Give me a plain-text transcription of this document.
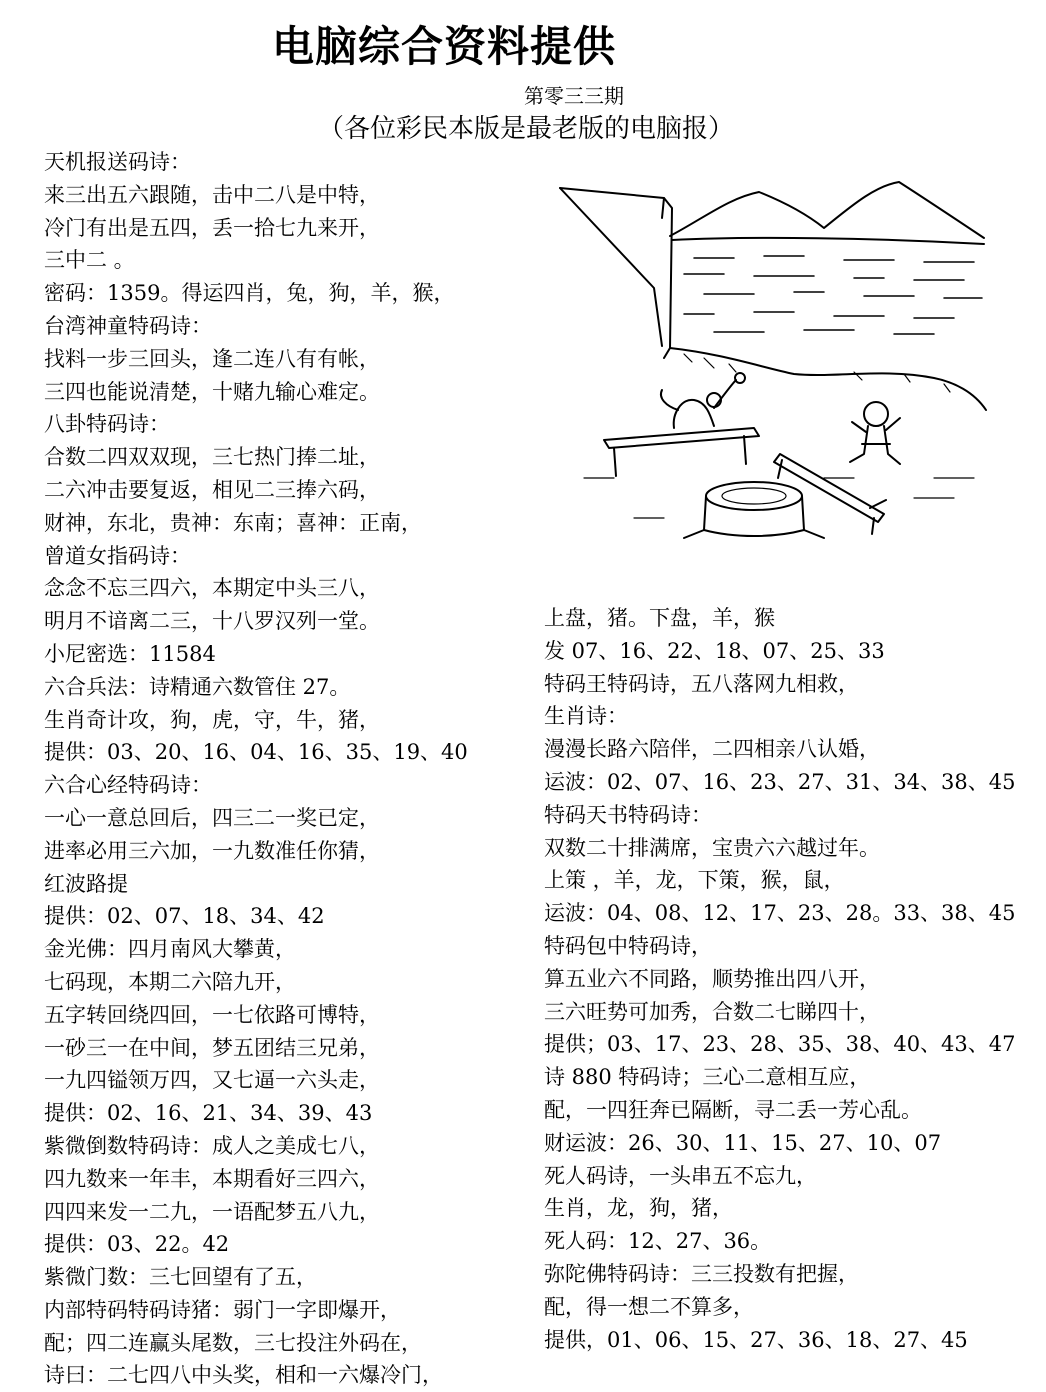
电脑综合资料提供
第零三三期
（各位彩民本版是最老版的电脑报）
天机报送码诗：
来三出五六跟随，击中二八是中特，
冷门有出是五四，丢一拾七九来开，
三中二 。
密码：1359。得运四肖，兔，狗，羊，猴，
台湾神童特码诗：
找料一步三回头，逢二连八有有帐，
三四也能说清楚，十赌九输心难定。
八卦特码诗：
合数二四双双现，三七热门捧二址，
二六冲击要复返，相见二三捧六码，
财神，东北，贵神：东南；喜神：正南，
曾道女指码诗：
念念不忘三四六，本期定中头三八，
明月不谙离二三，十八罗汉列一堂。
小尼密选：11584
六合兵法：诗精通六数管住 27。
生肖奇计攻，狗，虎，守，牛，猪，
提供：03、20、16、04、16、35、19、40
六合心经特码诗：
一心一意总回后，四三二一奖已定，
进率必用三六加，一九数准任你猜，
红波路提
提供：02、07、18、34、42
金光佛：四月南风大攀黄，
七码现，本期二六陪九开，
五字转回绕四回，一七依路可博特，
一砂三一在中间，梦五团结三兄弟，
一九四镒领万四，又七逼一六头走，
提供：02、16、21、34、39、43
紫微倒数特码诗：成人之美成七八，
四九数来一年丰，本期看好三四六，
四四来发一二九，一语配梦五八九，
提供：03、22。42
紫微门数：三七回望有了五，
内部特码特码诗猪：弱门一字即爆开，
配；四二连赢头尾数，三七投注外码在，
诗曰：二七四八中头奖，相和一六爆冷门，
上盘，猪。下盘，羊，猴
发 07、16、22、18、07、25、33
特码王特码诗，五八落网九相救，
生肖诗：
漫漫长路六陪伴，二四相亲八认婚，
运波：02、07、16、23、27、31、34、38、45
特码天书特码诗：
双数二十排满席，宝贵六六越过年。
上策 ，羊，龙，下策，猴，鼠，
运波：04、08、12、17、23、28。33、38、45
特码包中特码诗，
算五业六不同路，顺势推出四八开，
三六旺势可加秀，合数二七睇四十，
提供；03、17、23、28、35、38、40、43、47
诗 880 特码诗；三心二意相互应，
配，一四狂奔已隔断，寻二丢一芳心乱。
财运波：26、30、11、15、27、10、07
死人码诗，一头串五不忘九，
生肖，龙，狗，猪，
死人码：12、27、36。
弥陀佛特码诗：三三投数有把握，
配，得一想二不算多，
提供，01、06、15、27、36、18、27、45
